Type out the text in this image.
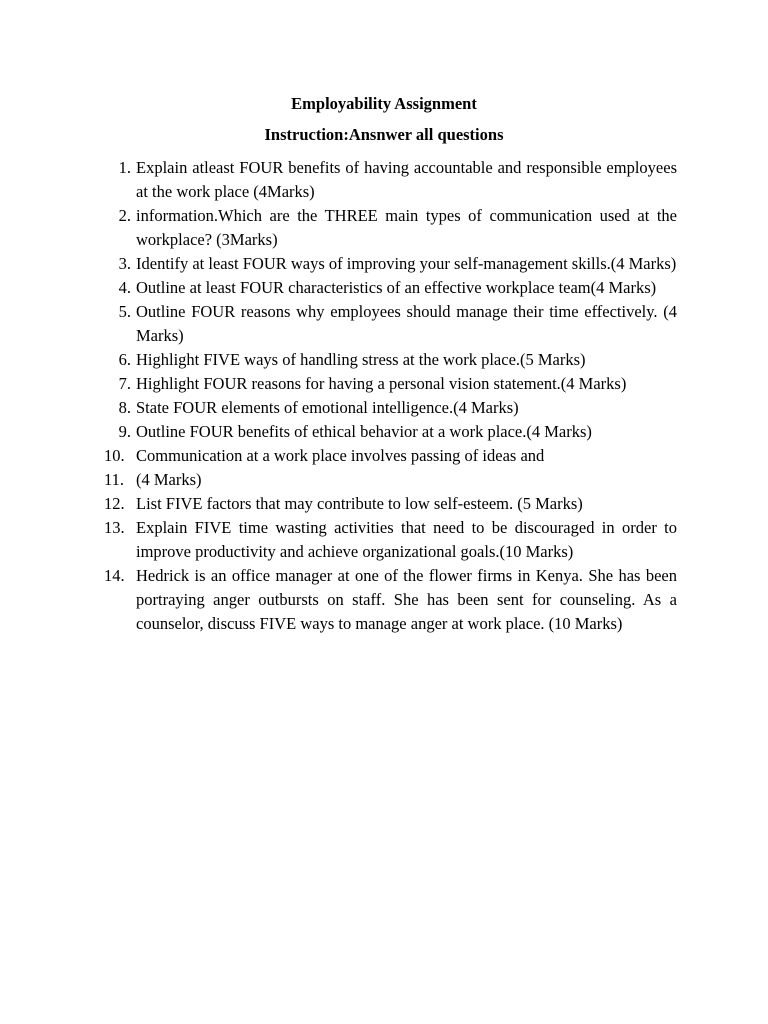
Employability Assignment
Instruction:Ansnwer all questions
1. Explain atleast FOUR benefits of having accountable and responsible employees at the work place (4Marks)
2. information.Which are the THREE main types of communication used at the workplace? (3Marks)
3. Identify at least FOUR ways of improving your self-management skills.(4 Marks)
4. Outline at least FOUR characteristics of an effective workplace team(4 Marks)
5. Outline FOUR reasons why employees should manage their time effectively. (4 Marks)
6. Highlight FIVE ways of handling stress at the work place.(5 Marks)
7. Highlight FOUR reasons for having a personal vision statement.(4 Marks)
8. State FOUR elements of emotional intelligence.(4 Marks)
9. Outline FOUR benefits of ethical behavior at a work place.(4 Marks)
10. Communication at a work place involves passing of ideas and
11. (4 Marks)
12. List FIVE factors that may contribute to low self-esteem. (5 Marks)
13. Explain FIVE time wasting activities that need to be discouraged in order to improve productivity and achieve organizational goals.(10 Marks)
14. Hedrick is an office manager at one of the flower firms in Kenya. She has been portraying anger outbursts on staff. She has been sent for counseling. As a counselor, discuss FIVE ways to manage anger at work place. (10 Marks)
